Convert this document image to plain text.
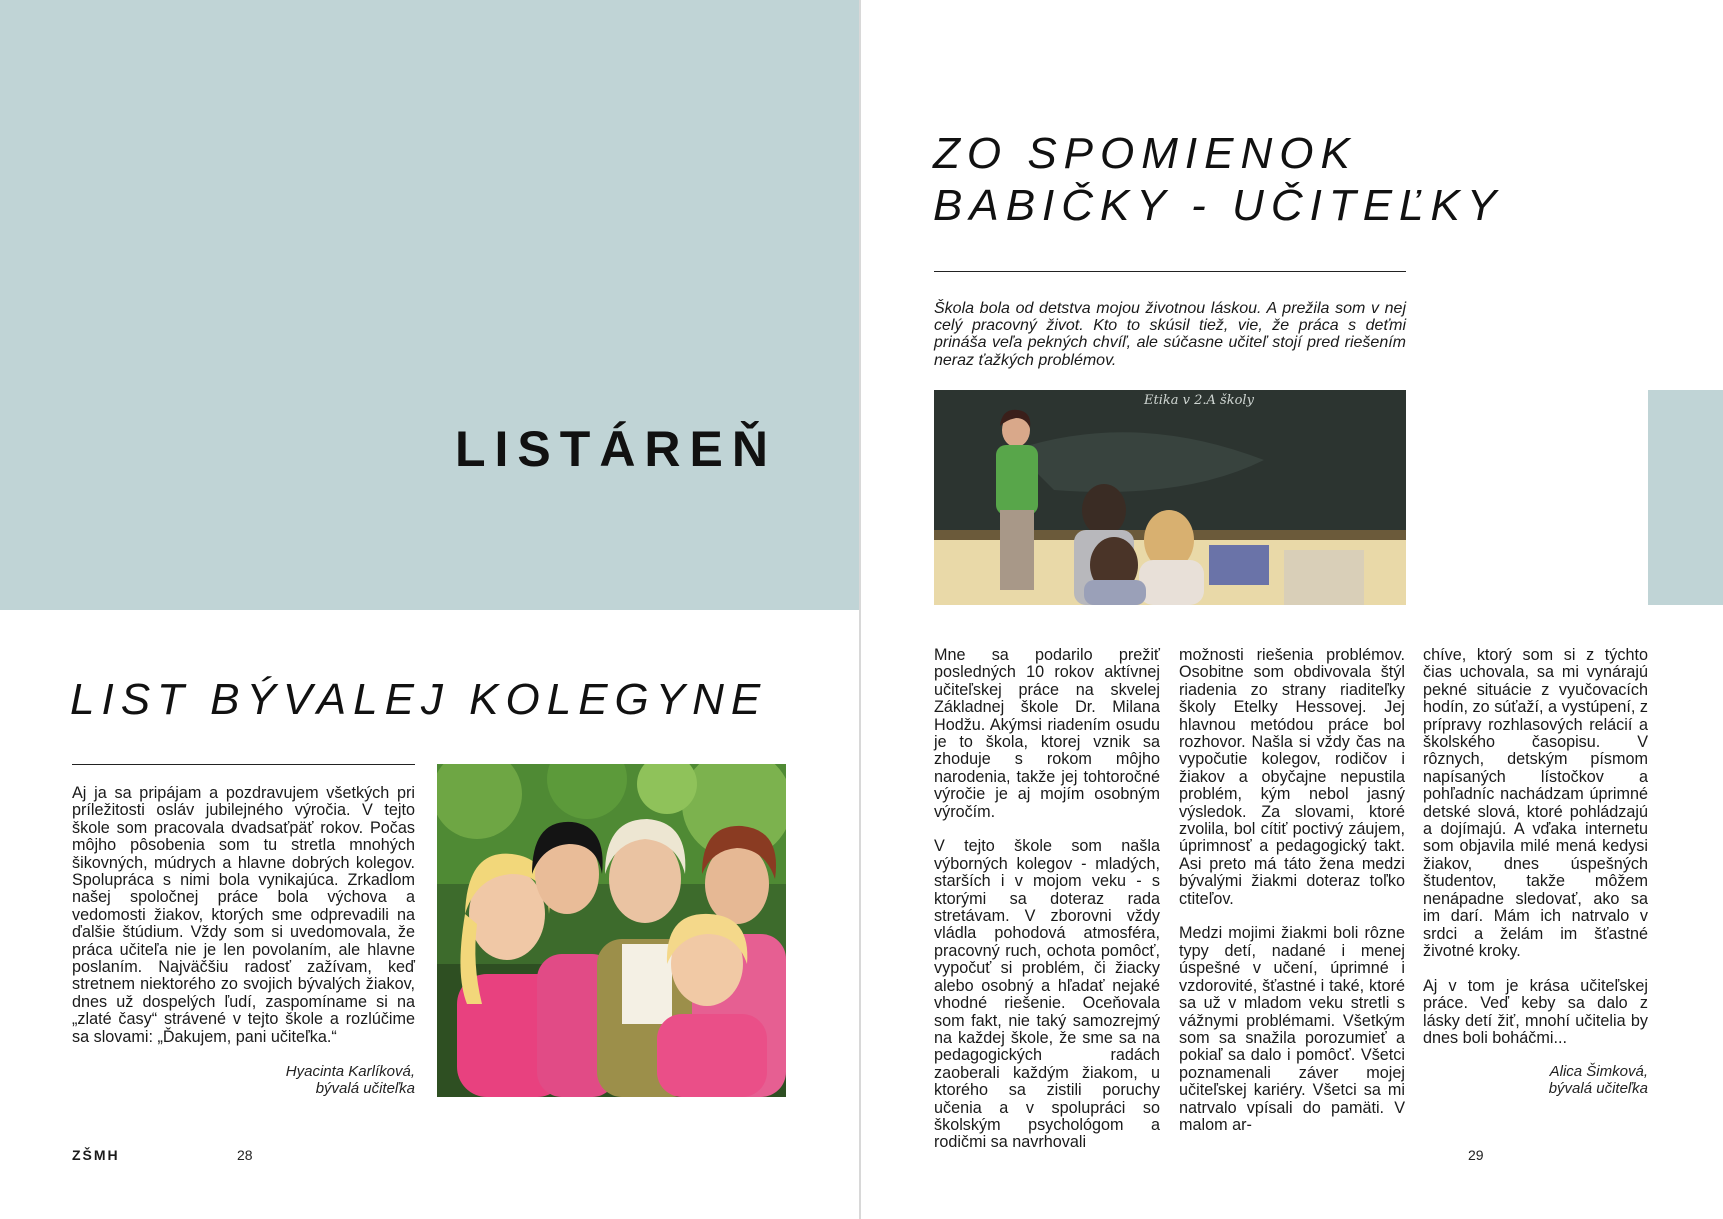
LISTÁREŇ
LIST BÝVALEJ KOLEGYNE
Aj ja sa pripájam a pozdravujem všetkých pri príležitosti osláv jubilejného výročia. V tejto škole som pracovala dvadsaťpäť rokov. Počas môjho pôsobenia som tu stretla mnohých šikovných, múdrych a hlavne dobrých kolegov. Spolupráca s nimi bola vynikajúca. Zrkadlom našej spoločnej práce bola výchova a vedomosti žiakov, ktorých sme odprevadili na ďalšie štúdium. Vždy som si uvedomovala, že práca učiteľa nie je len povolaním, ale hlavne poslaním. Najväčšiu radosť zažívam, keď stretnem niektorého zo svojich bývalých žiakov, dnes už dospelých ľudí, zaspomíname si na „zlaté časy“ strávené v tejto škole a rozlúčime sa slovami: „Ďakujem, pani učiteľka.“
Hyacinta Karlíková,
bývalá učiteľka
ZŠMH	28
ZO SPOMIENOK
BABIČKY - UČITEĽKY
Škola bola od detstva mojou životnou láskou. A prežila som v nej celý pracovný život. Kto to skúsil tiež, vie, že práca s deťmi prináša veľa pekných chvíľ, ale súčasne učiteľ stojí pred riešením neraz ťažkých problémov.
Etika v 2.A školy

Mne sa podarilo prežiť posledných 10 rokov aktívnej učiteľskej práce na skvelej Základnej škole Dr. Milana Hodžu. Akýmsi riadením osudu je to škola, ktorej vznik sa zhoduje s rokom môjho narodenia, takže jej tohtoročné výročie je aj mojím osobným výročím.

V tejto škole som našla výborných kolegov - mladých, starších i v mojom veku - s ktorými sa doteraz rada stretávam. V zborovni vždy vládla pohodová atmosféra, pracovný ruch, ochota pomôcť, vypočuť si problém, či žiacky alebo osobný a hľadať nejaké vhodné riešenie. Oceňovala som fakt, nie taký samozrejmý na každej škole, že sme sa na pedagogických radách zaoberali každým žiakom, u ktorého sa zistili poruchy učenia a v spolupráci so školským psychológom a rodičmi sa navrhovali

možnosti riešenia problémov. Osobitne som obdivovala štýl riadenia zo strany riaditeľky školy Etelky Hessovej. Jej hlavnou metódou práce bol rozhovor. Našla si vždy čas na vypočutie kolegov, rodičov i žiakov a obyčajne nepustila problém, kým nebol jasný výsledok. Za slovami, ktoré zvolila, bol cítiť poctivý záujem, úprimnosť a pedagogický takt. Asi preto má táto žena medzi bývalými žiakmi doteraz toľko ctiteľov.

Medzi mojimi žiakmi boli rôzne typy detí, nadané i menej úspešné v učení, úprimné i vzdorovité, šťastné i také, ktoré sa už v mladom veku stretli s vážnymi problémami. Všetkým som sa snažila porozumieť a pokiaľ sa dalo i pomôcť. Všetci poznamenali záver mojej učiteľskej kariéry. Všetci sa mi natrvalo vpísali do pamäti. V malom ar-

chíve, ktorý som si z týchto čias uchovala, sa mi vynárajú pekné situácie z vyučovacích hodín, zo súťaží, a vystúpení, z prípravy rozhlasových relácií a školského časopisu. V rôznych, detským písmom napísaných lístočkov a pohľadníc nachádzam úprimné detské slová, ktoré pohládzajú a dojímajú. A vďaka internetu som objavila milé mená kedysi žiakov, dnes úspešných študentov, takže môžem nenápadne sledovať, ako sa im darí. Mám ich natrvalo v srdci a želám im šťastné životné kroky.

Aj v tom je krása učiteľskej práce. Veď keby sa dalo z lásky detí žiť, mnohí učitelia by dnes boli boháčmi...

Alica Šimková,
bývalá učiteľka
29
